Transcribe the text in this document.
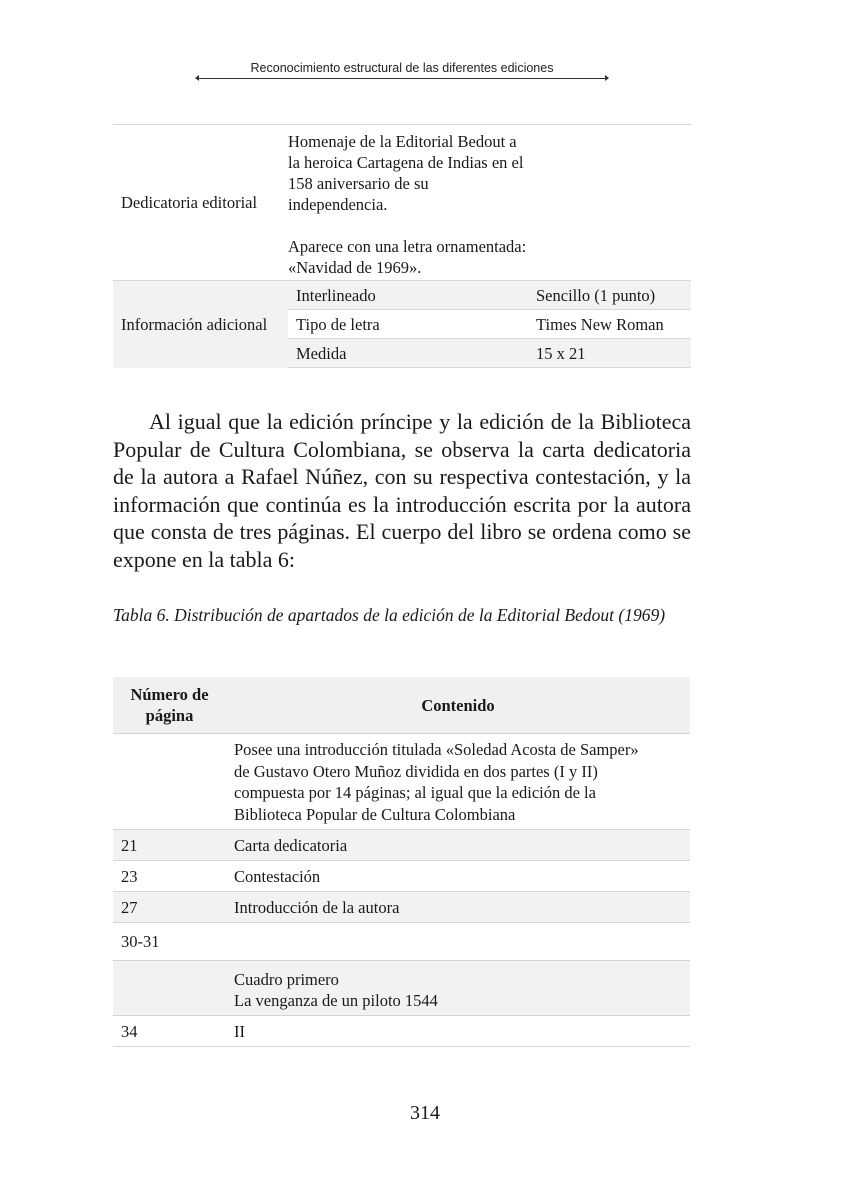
Reconocimiento estructural de las diferentes ediciones
Dedicatoria editorial	Homenaje de la Editorial Bedout a la heroica Cartagena de Indias en el 158 aniversario de su independencia.

Aparece con una letra ornamentada: «Navidad de 1969».	

Información adicional	Interlineado	Sencillo (1 punto)
	Tipo de letra	Times New Roman
	Medida	15 x 21

Al igual que la edición príncipe y la edición de la Biblioteca Popular de Cultura Colombiana, se observa la carta dedicatoria de la autora a Rafael Núñez, con su respectiva contestación, y la información que continúa es la introducción escrita por la autora que consta de tres páginas. El cuerpo del libro se ordena como se expone en la tabla 6:

Tabla 6. Distribución de apartados de la edición de la Editorial Bedout (1969)

Número de página	Contenido
	Posee una introducción titulada «Soledad Acosta de Samper» de Gustavo Otero Muñoz dividida en dos partes (I y II) compuesta por 14 páginas; al igual que la edición de la Biblioteca Popular de Cultura Colombiana
21	Carta dedicatoria
23	Contestación
27	Introducción de la autora
30-31	

	Cuadro primero
La venganza de un piloto 1544

34	II
314
